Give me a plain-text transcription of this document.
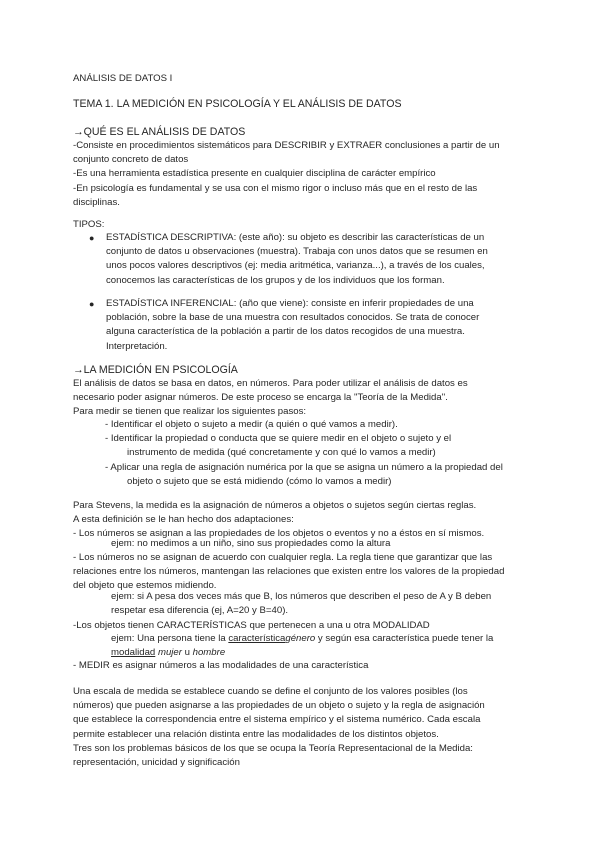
ANÁLISIS DE DATOS I
TEMA 1. LA MEDICIÓN EN PSICOLOGÍA Y EL ANÁLISIS DE DATOS
→QUÉ ES EL ANÁLISIS DE DATOS
-Consiste en procedimientos sistemáticos para DESCRIBIR y EXTRAER conclusiones a partir de un
conjunto concreto de datos
-Es una herramienta estadística presente en cualquier disciplina de carácter empírico
-En psicología es fundamental y se usa con el mismo rigor o incluso más que en el resto de las
disciplinas.
TIPOS:
● ESTADÍSTICA DESCRIPTIVA: (este año): su objeto es describir las características de un
conjunto de datos u observaciones (muestra). Trabaja con unos datos que se resumen en
unos pocos valores descriptivos (ej: media aritmética, varianza...), a través de los cuales,
conocemos las características de los grupos y de los individuos que los forman.
● ESTADÍSTICA INFERENCIAL: (año que viene): consiste en inferir propiedades de una
población, sobre la base de una muestra con resultados conocidos. Se trata de conocer
alguna característica de la población a partir de los datos recogidos de una muestra.
Interpretación.
→LA MEDICIÓN EN PSICOLOGÍA
El análisis de datos se basa en datos, en números. Para poder utilizar el análisis de datos es
necesario poder asignar números. De este proceso se encarga la "Teoría de la Medida".
Para medir se tienen que realizar los siguientes pasos:
- Identificar el objeto o sujeto a medir (a quién o qué vamos a medir).
- Identificar la propiedad o conducta que se quiere medir en el objeto o sujeto y el
instrumento de medida (qué concretamente y con qué lo vamos a medir)
- Aplicar una regla de asignación numérica por la que se asigna un número a la propiedad del
objeto o sujeto que se está midiendo (cómo lo vamos a medir)
Para Stevens, la medida es la asignación de números a objetos o sujetos según ciertas reglas.
A esta definición se le han hecho dos adaptaciones:
- Los números se asignan a las propiedades de los objetos o eventos y no a éstos en sí mismos.
ejem: no medimos a un niño, sino sus propiedades como la altura
- Los números no se asignan de acuerdo con cualquier regla. La regla tiene que garantizar que las
relaciones entre los números, mantengan las relaciones que existen entre los valores de la propiedad
del objeto que estemos midiendo.
ejem: si A pesa dos veces más que B, los números que describen el peso de A y B deben
respetar esa diferencia (ej, A=20 y B=40).
-Los objetos tienen CARACTERÍSTICAS que pertenecen a una u otra MODALIDAD
ejem: Una persona tiene la característicagénero y según esa característica puede tener la
modalidad mujer u hombre
- MEDIR es asignar números a las modalidades de una característica
Una escala de medida se establece cuando se define el conjunto de los valores posibles (los
números) que pueden asignarse a las propiedades de un objeto o sujeto y la regla de asignación
que establece la correspondencia entre el sistema empírico y el sistema numérico. Cada escala
permite establecer una relación distinta entre las modalidades de los distintos objetos.
Tres son los problemas básicos de los que se ocupa la Teoría Representacional de la Medida:
representación, unicidad y significación
